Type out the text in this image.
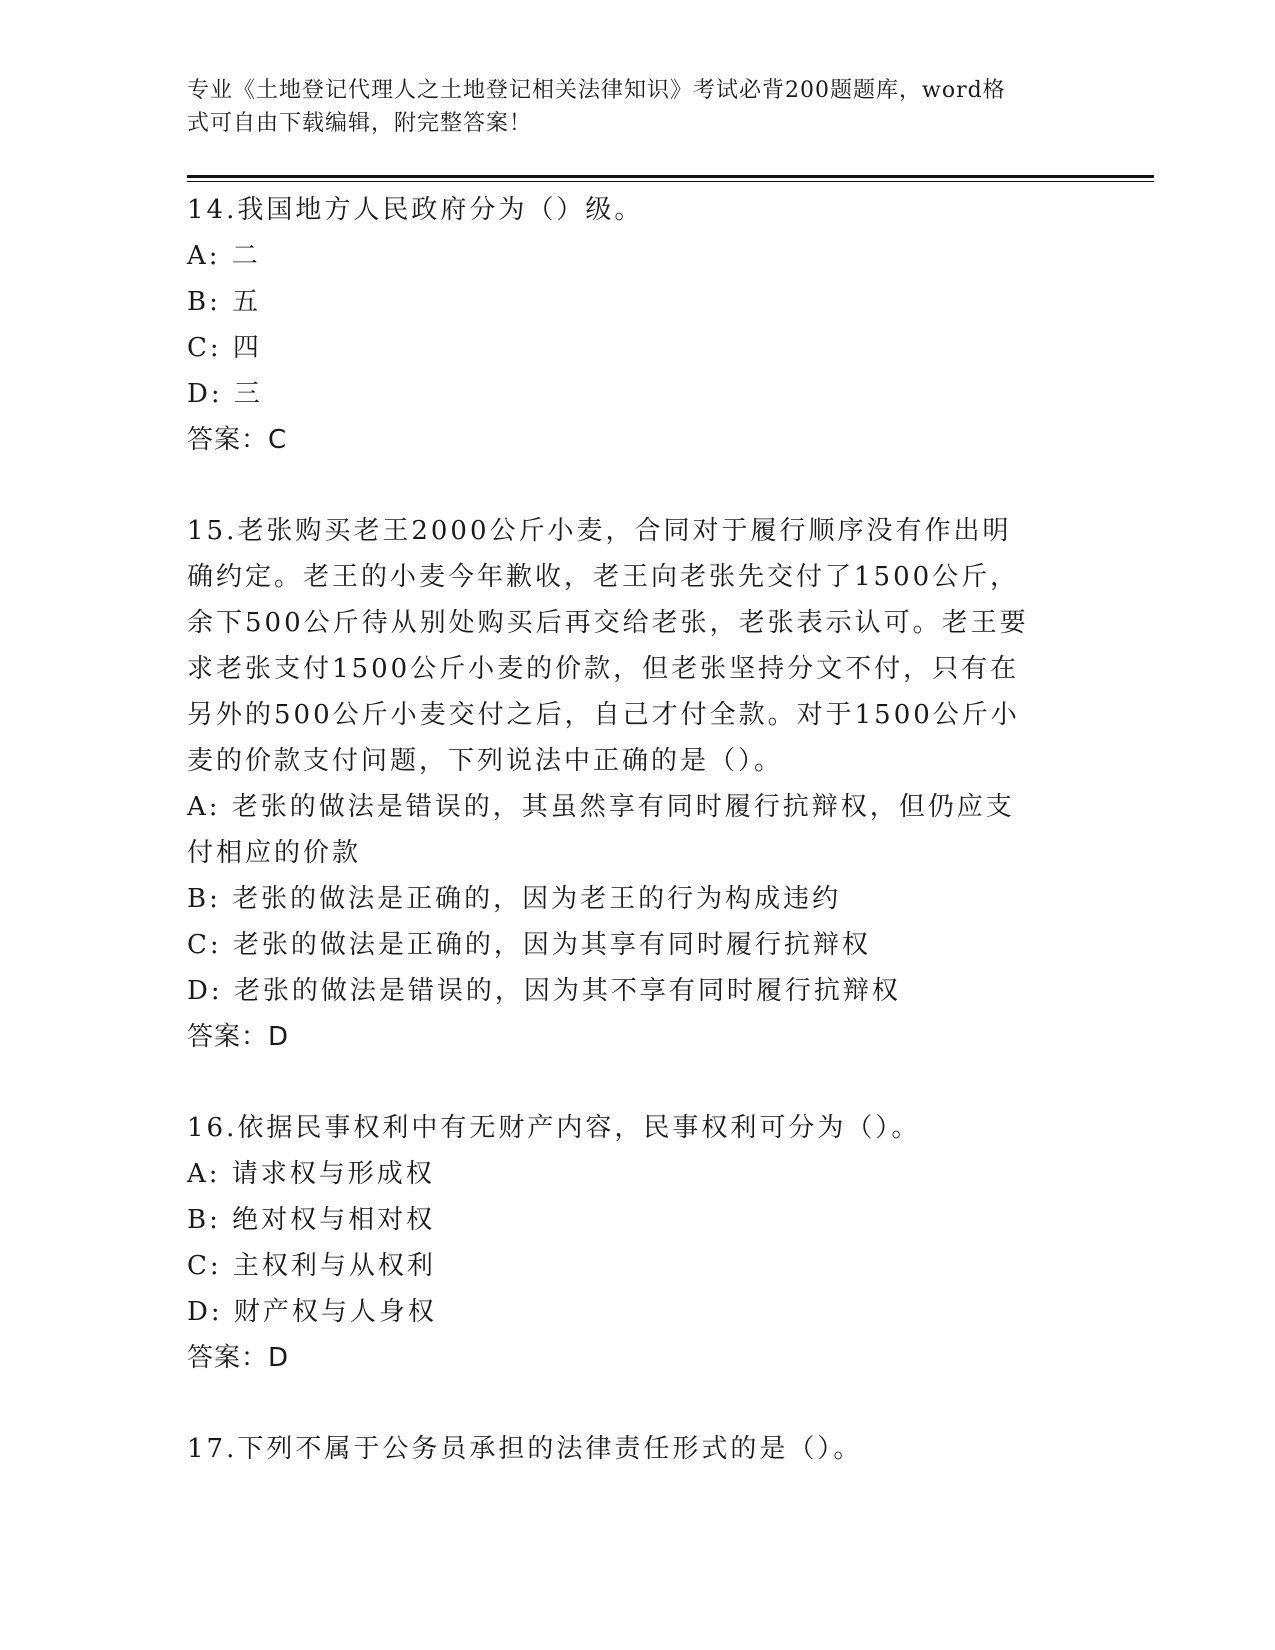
专业《土地登记代理人之土地登记相关法律知识》考试必背200题题库，word格
式可自由下载编辑，附完整答案！
14.我国地方人民政府分为（）级。
A: 二
B: 五
C: 四
D: 三
答案：C
15.老张购买老王2000公斤小麦，合同对于履行顺序没有作出明确约定。老王的小麦今年歉收，老王向老张先交付了1500公斤，余下500公斤待从别处购买后再交给老张，老张表示认可。老王要求老张支付1500公斤小麦的价款，但老张坚持分文不付，只有在另外的500公斤小麦交付之后，自己才付全款。对于1500公斤小麦的价款支付问题，下列说法中正确的是（）。
A: 老张的做法是错误的，其虽然享有同时履行抗辩权，但仍应支付相应的价款
B: 老张的做法是正确的，因为老王的行为构成违约
C: 老张的做法是正确的，因为其享有同时履行抗辩权
D: 老张的做法是错误的，因为其不享有同时履行抗辩权
答案：D
16.依据民事权利中有无财产内容，民事权利可分为（）。
A: 请求权与形成权
B: 绝对权与相对权
C: 主权利与从权利
D: 财产权与人身权
答案：D
17.下列不属于公务员承担的法律责任形式的是（）。
